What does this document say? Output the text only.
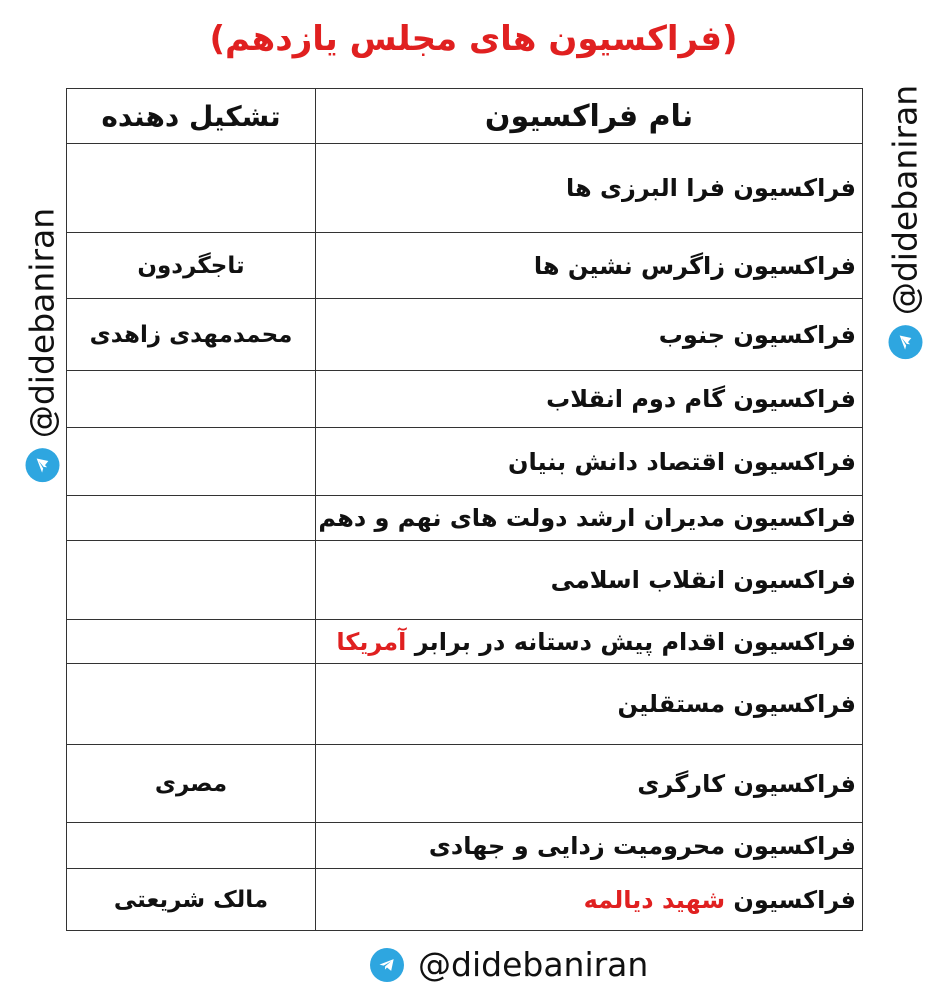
(فراکسیون های مجلس یازدهم)
نام فراکسیون
تشکیل دهنده
فراکسیون فرا البرزی ها
فراکسیون زاگرس نشین ها
تاجگردون
فراکسیون جنوب
محمدمهدی زاهدی
فراکسیون گام دوم انقلاب
فراکسیون اقتصاد دانش بنیان
فراکسیون مدیران ارشد دولت های نهم و دهم
فراکسیون انقلاب اسلامی
فراکسیون اقدام پیش دستانه در برابر

آمریکا
فراکسیون مستقلین
فراکسیون کارگری
مصری
فراکسیون محرومیت زدایی و جهادی
فراکسیون

شهید دیالمه
مالک شریعتی
@didebaniran
@didebaniran
@didebaniran
